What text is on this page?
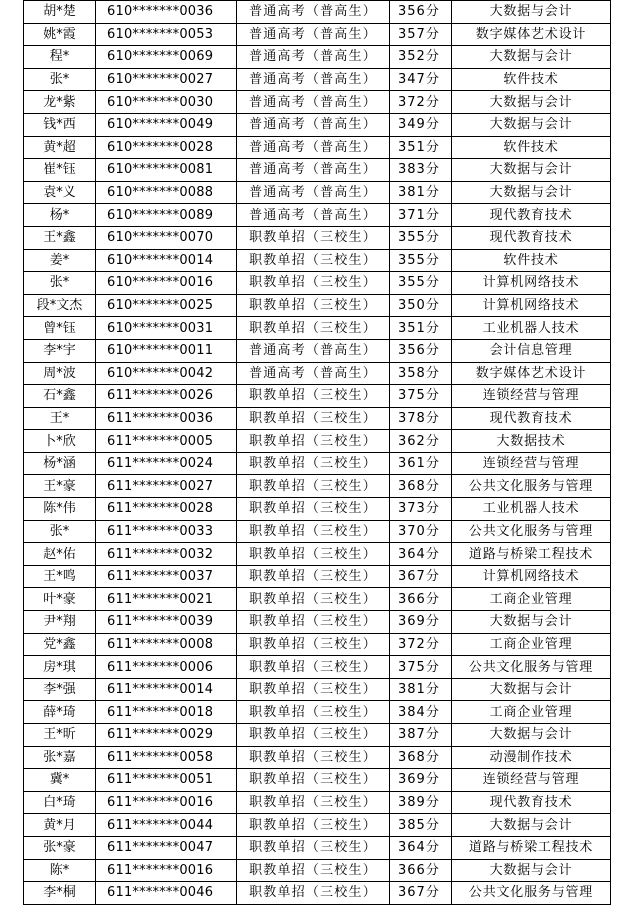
胡*楚	610*******0036	普通高考（普高生）	356分	大数据与会计
姚*霞	610*******0053	普通高考（普高生）	357分	数字媒体艺术设计
程*	610*******0069	普通高考（普高生）	352分	大数据与会计
张*	610*******0027	普通高考（普高生）	347分	软件技术
龙*紫	610*******0030	普通高考（普高生）	372分	大数据与会计
钱*西	610*******0049	普通高考（普高生）	349分	大数据与会计
黄*超	610*******0028	普通高考（普高生）	351分	软件技术
崔*钰	610*******0081	普通高考（普高生）	383分	大数据与会计
袁*义	610*******0088	普通高考（普高生）	381分	大数据与会计
杨*	610*******0089	普通高考（普高生）	371分	现代教育技术
王*鑫	610*******0070	职教单招（三校生）	355分	现代教育技术
姜*	610*******0014	职教单招（三校生）	355分	软件技术
张*	610*******0016	职教单招（三校生）	355分	计算机网络技术
段*文杰	610*******0025	职教单招（三校生）	350分	计算机网络技术
曾*钰	610*******0031	职教单招（三校生）	351分	工业机器人技术
李*宇	610*******0011	普通高考（普高生）	356分	会计信息管理
周*波	610*******0042	普通高考（普高生）	358分	数字媒体艺术设计
石*鑫	611*******0026	职教单招（三校生）	375分	连锁经营与管理
王*	611*******0036	职教单招（三校生）	378分	现代教育技术
卜*欣	611*******0005	职教单招（三校生）	362分	大数据技术
杨*涵	611*******0024	职教单招（三校生）	361分	连锁经营与管理
王*豪	611*******0027	职教单招（三校生）	368分	公共文化服务与管理
陈*伟	611*******0028	职教单招（三校生）	373分	工业机器人技术
张*	611*******0033	职教单招（三校生）	370分	公共文化服务与管理
赵*佑	611*******0032	职教单招（三校生）	364分	道路与桥梁工程技术
王*鸣	611*******0037	职教单招（三校生）	367分	计算机网络技术
叶*豪	611*******0021	职教单招（三校生）	366分	工商企业管理
尹*翔	611*******0039	职教单招（三校生）	369分	大数据与会计
党*鑫	611*******0008	职教单招（三校生）	372分	工商企业管理
房*琪	611*******0006	职教单招（三校生）	375分	公共文化服务与管理
李*强	611*******0014	职教单招（三校生）	381分	大数据与会计
薛*琦	611*******0018	职教单招（三校生）	384分	工商企业管理
王*昕	611*******0029	职教单招（三校生）	387分	大数据与会计
张*嘉	611*******0058	职教单招（三校生）	368分	动漫制作技术
冀*	611*******0051	职教单招（三校生）	369分	连锁经营与管理
白*琦	611*******0016	职教单招（三校生）	389分	现代教育技术
黄*月	611*******0044	职教单招（三校生）	385分	大数据与会计
张*豪	611*******0047	职教单招（三校生）	364分	道路与桥梁工程技术
陈*	611*******0016	职教单招（三校生）	366分	大数据与会计
李*桐	611*******0046	职教单招（三校生）	367分	公共文化服务与管理
